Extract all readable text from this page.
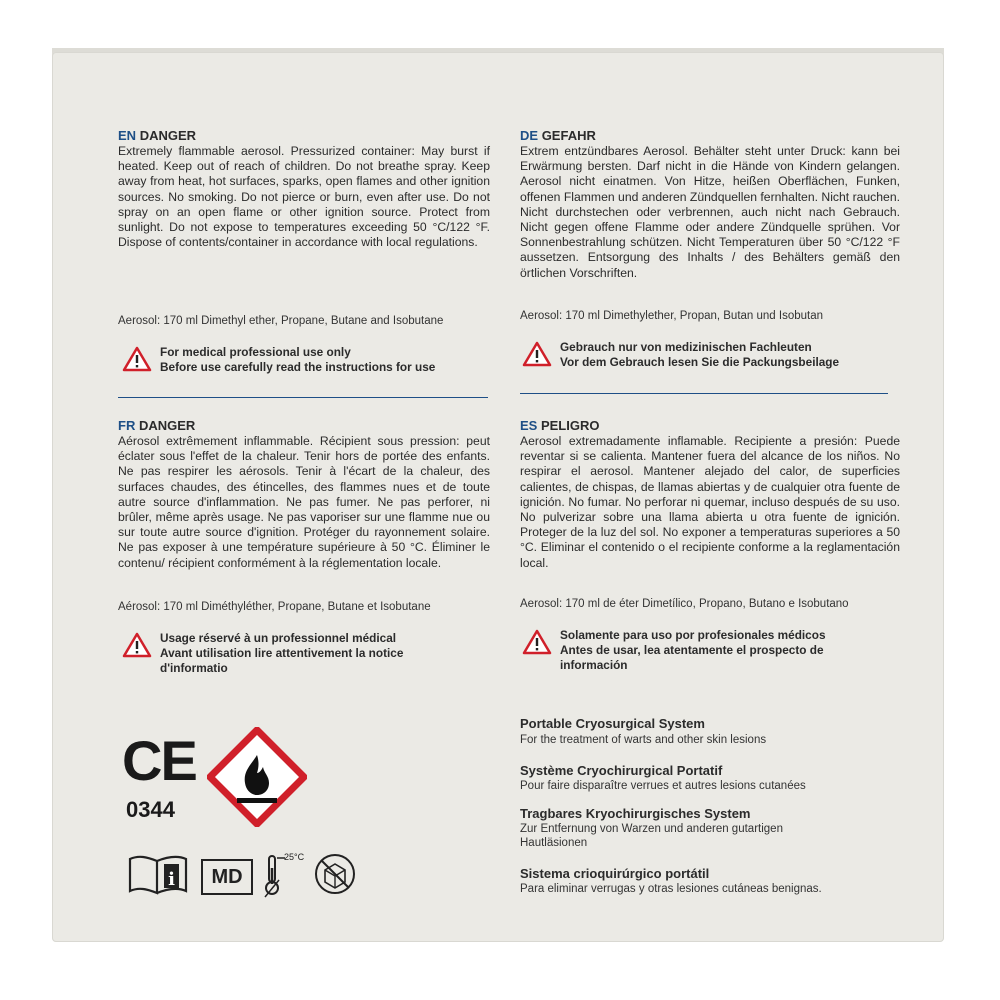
EN DANGER
Extremely flammable aerosol. Pressurized container: May burst if heated. Keep out of reach of children. Do not breathe spray. Keep away from heat, hot surfaces, sparks, open flames and other ignition sources. No smoking. Do not pierce or burn, even after use. Do not spray on an open flame or other ignition source. Protect from sunlight. Do not expose to temperatures exceeding 50 °C/122 °F. Dispose of contents/container in accordance with local regulations.
Aerosol: 170 ml Dimethyl ether, Propane, Butane and Isobutane
For medical professional use only
Before use carefully read the instructions for use
DE GEFAHR
Extrem entzündbares Aerosol. Behälter steht unter Druck: kann bei Erwärmung bersten. Darf nicht in die Hände von Kindern gelangen. Aerosol nicht einatmen. Von Hitze, heißen Oberflächen, Funken, offenen Flammen und anderen Zündquellen fernhalten. Nicht rauchen. Nicht durchstechen oder verbrennen, auch nicht nach Gebrauch. Nicht gegen offene Flamme oder andere Zündquelle sprühen. Vor Sonnenbestrahlung schützen. Nicht Temperaturen über 50 °C/122 °F aussetzen. Entsorgung des Inhalts / des Behälters gemäß den örtlichen Vorschriften.
Aerosol: 170 ml Dimethylether, Propan, Butan und Isobutan
Gebrauch nur von medizinischen Fachleuten
Vor dem Gebrauch lesen Sie die Packungsbeilage
FR DANGER
Aérosol extrêmement inflammable. Récipient sous pression: peut éclater sous l'effet de la chaleur. Tenir hors de portée des enfants. Ne pas respirer les aérosols. Tenir à l'écart de la chaleur, des surfaces chaudes, des étincelles, des flammes nues et de toute autre source d'inflammation. Ne pas fumer. Ne pas perforer, ni brûler, même après usage. Ne pas vaporiser sur une flamme nue ou sur toute autre source d'ignition. Protéger du rayonnement solaire. Ne pas exposer à une température supérieure à 50 °C. Éliminer le contenu/ récipient conformément à la réglementation locale.
Aérosol: 170 ml Diméthyléther, Propane, Butane et Isobutane
Usage réservé à un professionnel médical
Avant utilisation lire attentivement la notice
d'informatio
ES PELIGRO
Aerosol extremadamente inflamable. Recipiente a presión: Puede reventar si se calienta. Mantener fuera del alcance de los niños. No respirar el aerosol. Mantener alejado del calor, de superficies calientes, de chispas, de llamas abiertas y de cualquier otra fuente de ignición. No fumar. No perforar ni quemar, incluso después de su uso. No pulverizar sobre una llama abierta u otra fuente de ignición. Proteger de la luz del sol. No exponer a temperaturas superiores a 50 °C. Eliminar el contenido o el recipiente conforme a la reglamentación local.
Aerosol: 170 ml de éter Dimetílico, Propano, Butano e Isobutano
Solamente para uso por profesionales médicos
Antes de usar, lea atentamente el prospecto de
información
Portable Cryosurgical System
For the treatment of warts and other skin lesions
Système Cryochirurgical Portatif
Pour faire disparaître verrues et autres lesions cutanées
Tragbares Kryochirurgisches System
Zur Entfernung von Warzen und anderen gutartigen Hautläsionen
Sistema crioquirúrgico portátil
Para eliminar verrugas y otras lesiones cutáneas benignas.
CE
0344
i	MD
25°C
